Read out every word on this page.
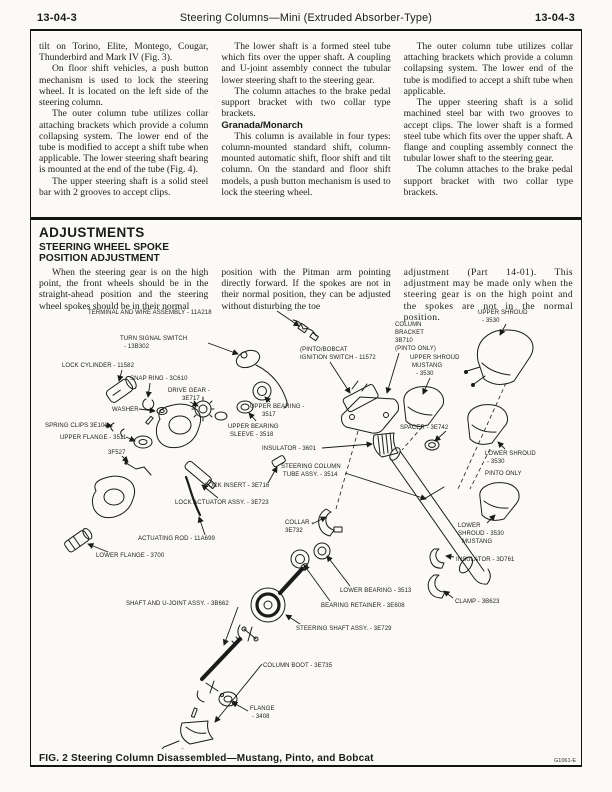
13-04-3	Steering Columns—Mini (Extruded Absorber-Type)	13-04-3

tilt on Torino, Elite, Montego, Cougar, Thunderbird and Mark IV (Fig. 3).

On floor shift vehicles, a push button mechanism is used to lock the steering wheel. It is located on the left side of the steering column.

The outer column tube utilizes collar attaching brackets which provide a column collapsing system. The lower end of the tube is modified to accept a shift tube when applicable. The lower steering shaft bearing is mounted at the end of the tube (Fig. 4).

The upper steering shaft is a solid steel bar with 2 grooves to accept clips.

The lower shaft is a formed steel tube which fits over the upper shaft. A coupling and U-joint assembly connect the tubular lower steering shaft to the steering gear.

The column attaches to the brake pedal support bracket with two collar type brackets.

Granada/Monarch

This column is available in four types: column-mounted standard shift, column-mounted automatic shift, floor shift and tilt column. On the standard and floor shift models, a push button mechanism is used to lock the steering wheel.

The outer column tube utilizes collar attaching brackets which provide a column collapsing system. The lower end of the tube is modified to accept a shift tube when applicable.

The upper steering shaft is a solid machined steel bar with two grooves to accept clips. The lower shaft is a formed steel tube which fits over the upper shaft. A flange and coupling assembly connect the tubular lower shaft to the steering gear.

The column attaches to the brake pedal support bracket with two collar type brackets.

ADJUSTMENTS
STEERING WHEEL SPOKE
POSITION ADJUSTMENT

When the steering gear is on the high point, the front wheels should be in the straight-ahead position and the steering wheel spokes should be in their normal

position with the Pitman arm pointing directly forward. If the spokes are not in their normal position, they can be adjusted without disturbing the toe

adjustment (Part 14-01). This adjustment may be made only when the steering gear is on the high point and the spokes are not in the normal position.

TERMINAL AND WIRE ASSEMBLY - 11A218
TURN SIGNAL SWITCH
- 13B302
LOCK CYLINDER - 11582
SNAP RING - 3C610
DRIVE GEAR -
3E717
WASHER
SPRING CLIPS 3E101
UPPER FLANGE - 3511
3F527
(PINTO/BOBCAT
IGNITION SWITCH - 11572
COLUMN
BRACKET
3B710
(PINTO ONLY)
UPPER SHROUD
- 3530
UPPER SHROUD
MUSTANG
- 3530
UPPER BEARING -
3517
UPPER BEARING
SLEEVE - 3518
SPACER - 3E742
INSULATOR - 3601
STEERING COLUMN
TUBE ASSY. - 3514
LOWER SHROUD
- 3530
PINTO ONLY
LOCK INSERT - 3E716
LOCK ACTUATOR ASSY. - 3E723
COLLAR -
3E732
LOWER
SHROUD - 3530
MUSTANG
ACTUATING ROD - 11A699
LOWER FLANGE - 3700
INSULATOR - 3D761
LOWER BEARING - 3513
BEARING RETAINER - 3E608
SHAFT AND U-JOINT ASSY. - 3B662
STEERING SHAFT ASSY. - 3E729
COLUMN BOOT - 3E735
FLANGE
- 3408
CLAMP - 3B623
FIG. 2 Steering Column Disassembled—Mustang, Pinto, and Bobcat	G1061-E
